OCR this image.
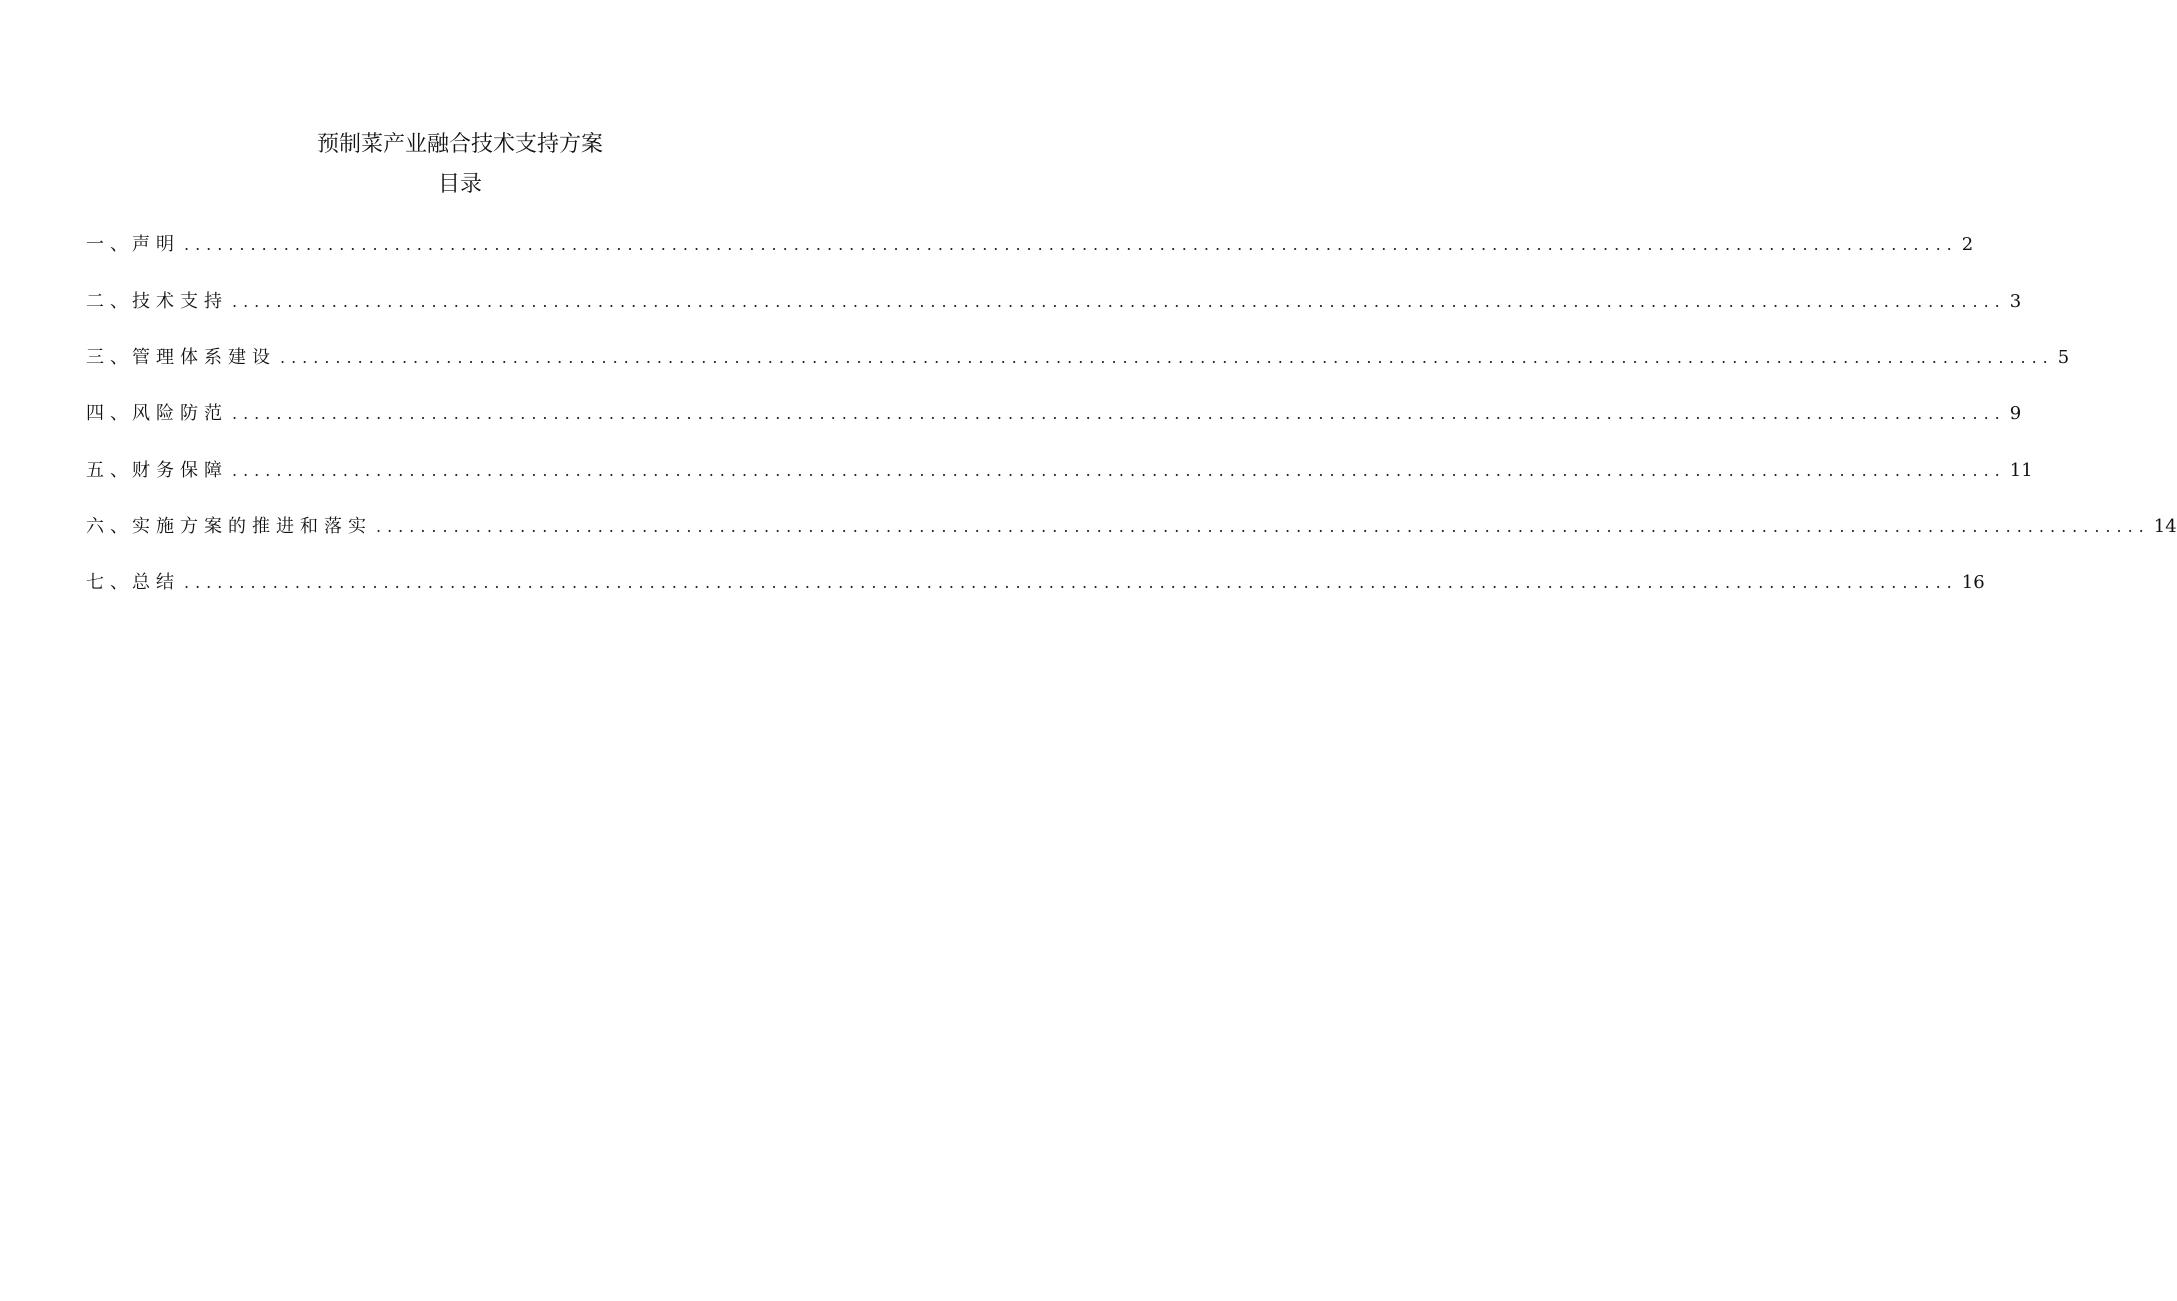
预制菜产业融合技术支持方案
目录
一 、 声明 ................................................................................................................................................................ 2
二 、 技术支持 ................................................................................................................................................................ 3
三 、 管理体系建设 ................................................................................................................................................................ 5
四 、 风险防范 ................................................................................................................................................................ 9
五 、 财务保障 ................................................................................................................................................................ 11
六 、 实施方案的推进和落实 ................................................................................................................................................................ 14
七 、 总结 ................................................................................................................................................................ 16
